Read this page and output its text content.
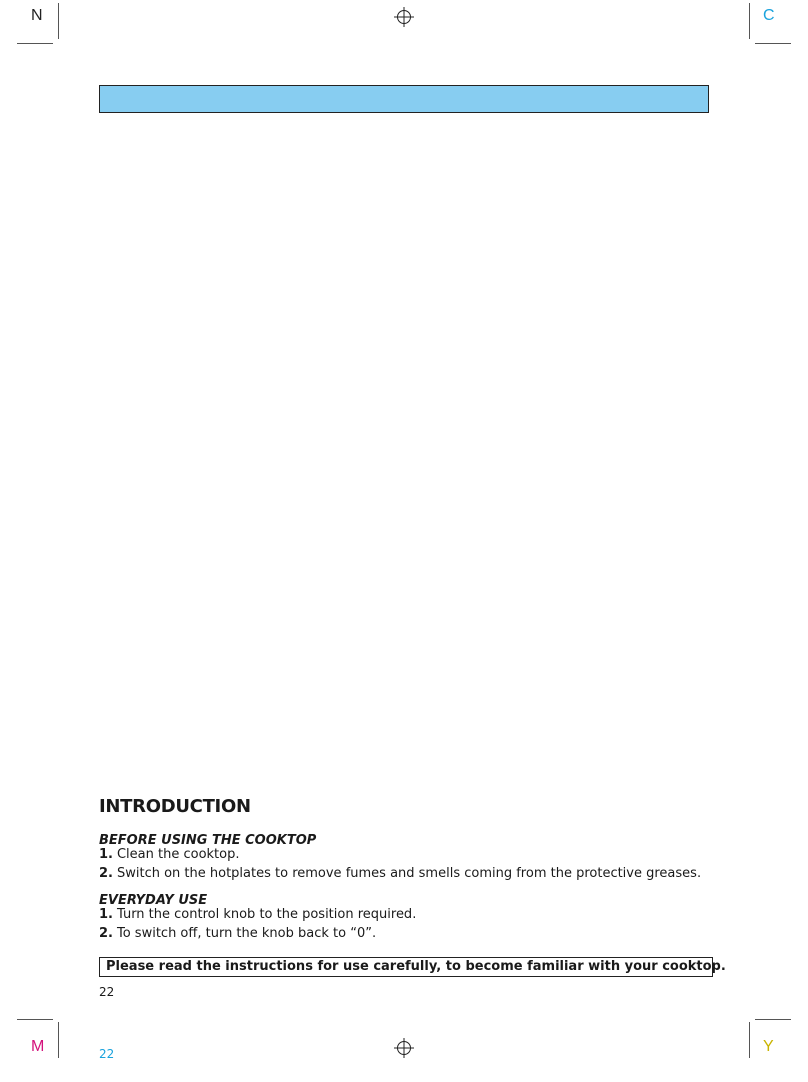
N	C
M	Y
INTRODUCTION
BEFORE USING THE COOKTOP
1. Clean the cooktop.
2. Switch on the hotplates to remove fumes and smells coming from the protective greases.
EVERYDAY USE
1. Turn the control knob to the position required.
2. To switch off, turn the knob back to “0”.
Please read the instructions for use carefully, to become familiar with your cooktop.
22
22
